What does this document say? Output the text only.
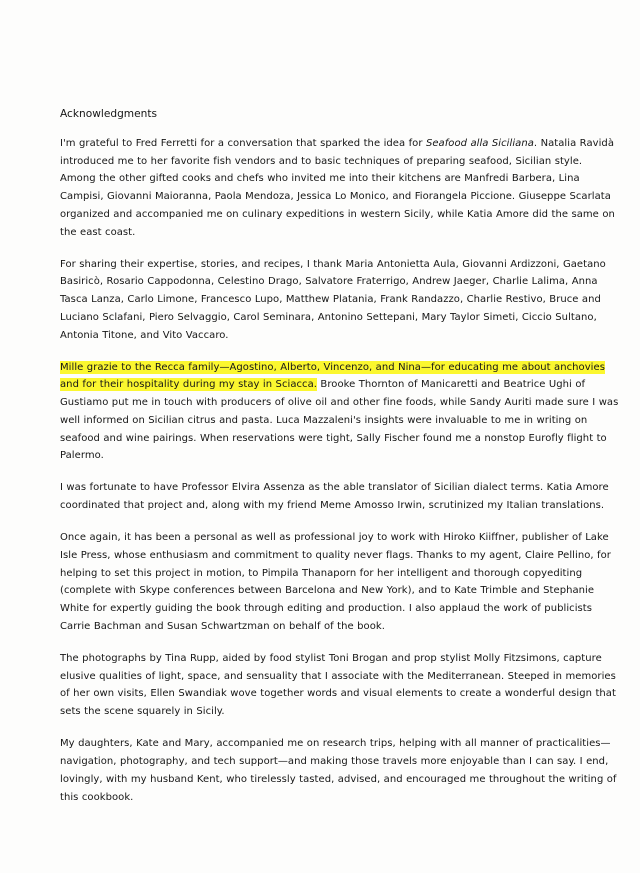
Acknowledgments

I'm grateful to Fred Ferretti for a conversation that sparked the idea for Seafood alla Siciliana. Natalia Ravidà introduced me to her favorite fish vendors and to basic techniques of preparing seafood, Sicilian style. Among the other gifted cooks and chefs who invited me into their kitchens are Manfredi Barbera, Lina Campisi, Giovanni Maioranna, Paola Mendoza, Jessica Lo Monico, and Fiorangela Piccione. Giuseppe Scarlata organized and accompanied me on culinary expeditions in western Sicily, while Katia Amore did the same on the east coast.

For sharing their expertise, stories, and recipes, I thank Maria Antonietta Aula, Giovanni Ardizzoni, Gaetano Basiricò, Rosario Cappodonna, Celestino Drago, Salvatore Fraterrigo, Andrew Jaeger, Charlie Lalima, Anna Tasca Lanza, Carlo Limone, Francesco Lupo, Matthew Platania, Frank Randazzo, Charlie Restivo, Bruce and Luciano Sclafani, Piero Selvaggio, Carol Seminara, Antonino Settepani, Mary Taylor Simeti, Ciccio Sultano, Antonia Titone, and Vito Vaccaro.

Mille grazie to the Recca family—Agostino, Alberto, Vincenzo, and Nina—for educating me about anchovies and for their hospitality during my stay in Sciacca. Brooke Thornton of Manicaretti and Beatrice Ughi of Gustiamo put me in touch with producers of olive oil and other fine foods, while Sandy Auriti made sure I was well informed on Sicilian citrus and pasta. Luca Mazzaleni's insights were invaluable to me in writing on seafood and wine pairings. When reservations were tight, Sally Fischer found me a nonstop Eurofly flight to Palermo.

I was fortunate to have Professor Elvira Assenza as the able translator of Sicilian dialect terms. Katia Amore coordinated that project and, along with my friend Meme Amosso Irwin, scrutinized my Italian translations.

Once again, it has been a personal as well as professional joy to work with Hiroko Kiiffner, publisher of Lake Isle Press, whose enthusiasm and commitment to quality never flags. Thanks to my agent, Claire Pellino, for helping to set this project in motion, to Pimpila Thanaporn for her intelligent and thorough copyediting (complete with Skype conferences between Barcelona and New York), and to Kate Trimble and Stephanie White for expertly guiding the book through editing and production. I also applaud the work of publicists Carrie Bachman and Susan Schwartzman on behalf of the book.

The photographs by Tina Rupp, aided by food stylist Toni Brogan and prop stylist Molly Fitzsimons, capture elusive qualities of light, space, and sensuality that I associate with the Mediterranean. Steeped in memories of her own visits, Ellen Swandiak wove together words and visual elements to create a wonderful design that sets the scene squarely in Sicily.

My daughters, Kate and Mary, accompanied me on research trips, helping with all manner of practicalities—navigation, photography, and tech support—and making those travels more enjoyable than I can say. I end, lovingly, with my husband Kent, who tirelessly tasted, advised, and encouraged me throughout the writing of this cookbook.
